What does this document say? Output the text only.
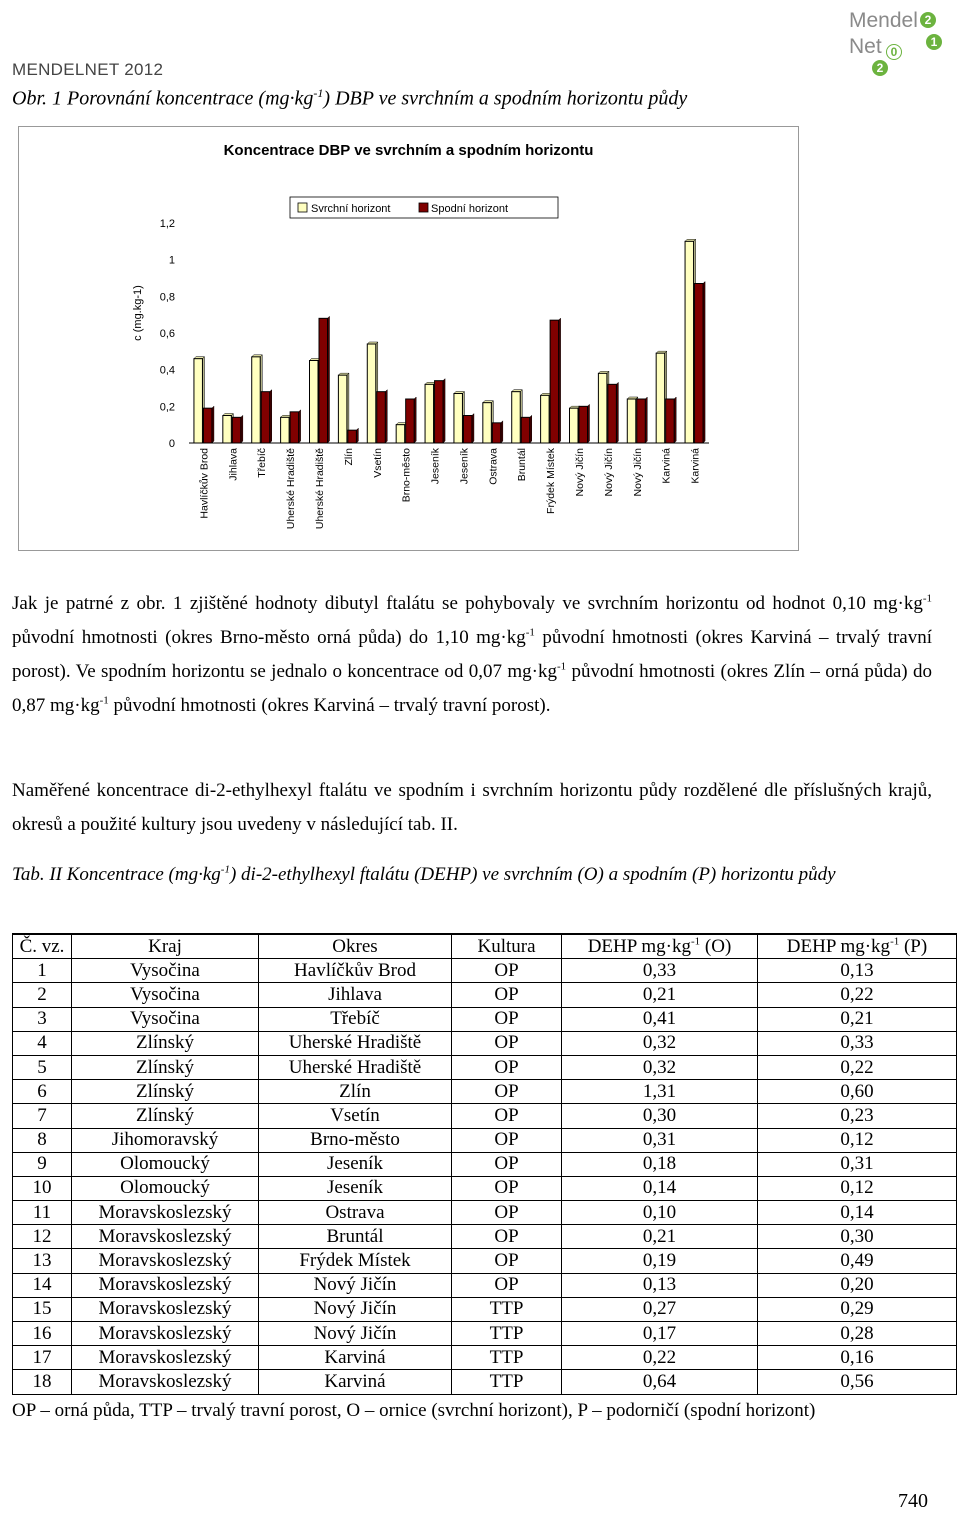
MENDELNET 2012
Mendel
Net
2
1
0
2
Obr. 1 Porovnání koncentrace $(mg\cdot kg^{-1})$ DBP ve svrchním a spodním horizontu půdy
Koncentrace DBP ve svrchním a spodním horizontu
0
0,2
0,4
0,6
0,8
1
1,2
c (mg.kg-1)
Havlíčkův Brod Jihlava Třebíč Uherské Hradiště Uherské Hradiště Zlín Vsetín Brno-město Jeseník Jeseník Ostrava Bruntál Frýdek Místek Nový Jičín Nový Jičín Nový Jičín Karviná Karviná
Svrchní horizont	Spodní horizont

Jak je patrné z obr. 1 zjištěné hodnoty dibutyl ftalátu se pohybovaly ve svrchním horizontu od hodnot 0,10 $mg\cdot kg^{-1}$ původní hmotnosti (okres Brno-město orná půda) do 1,10 $mg\cdot kg^{-1}$ původní hmotnosti (okres Karviná – trvalý travní porost). Ve spodním horizontu se jednalo o koncentrace od 0,07 $mg\cdot kg^{-1}$ původní hmotnosti (okres Zlín – orná půda) do 0,87 $mg\cdot kg^{-1}$ původní hmotnosti (okres Karviná – trvalý travní porost).

Naměřené koncentrace di-2-ethylhexyl ftalátu ve spodním i svrchním horizontu půdy rozdělené dle příslušných krajů, okresů a použité kultury jsou uvedeny v následující tab. II.

Tab. II Koncentrace $(mg\cdot kg^{-1})$ di-2-ethylhexyl ftalátu (DEHP) ve svrchním (O) a spodním (P) horizontu půdy

Č. vz.	Kraj	Okres	Kultura	DEHP $mg\cdot kg^{-1}$ (O)	DEHP $mg\cdot kg^{-1}$ (P)
1	Vysočina	Havlíčkův Brod	OP	0,33	0,13
2	Vysočina	Jihlava	OP	0,21	0,22
3	Vysočina	Třebíč	OP	0,41	0,21
4	Zlínský	Uherské Hradiště	OP	0,32	0,33
5	Zlínský	Uherské Hradiště	OP	0,32	0,22
6	Zlínský	Zlín	OP	1,31	0,60
7	Zlínský	Vsetín	OP	0,30	0,23
8	Jihomoravský	Brno-město	OP	0,31	0,12
9	Olomoucký	Jeseník	OP	0,18	0,31
10	Olomoucký	Jeseník	OP	0,14	0,12
11	Moravskoslezský	Ostrava	OP	0,10	0,14
12	Moravskoslezský	Bruntál	OP	0,21	0,30
13	Moravskoslezský	Frýdek Místek	OP	0,19	0,49
14	Moravskoslezský	Nový Jičín	OP	0,13	0,20
15	Moravskoslezský	Nový Jičín	TTP	0,27	0,29
16	Moravskoslezský	Nový Jičín	TTP	0,17	0,28
17	Moravskoslezský	Karviná	TTP	0,22	0,16
18	Moravskoslezský	Karviná	TTP	0,64	0,56

OP – orná půda, TTP – trvalý travní porost, O – ornice (svrchní horizont), P – podorničí (spodní horizont)

740
